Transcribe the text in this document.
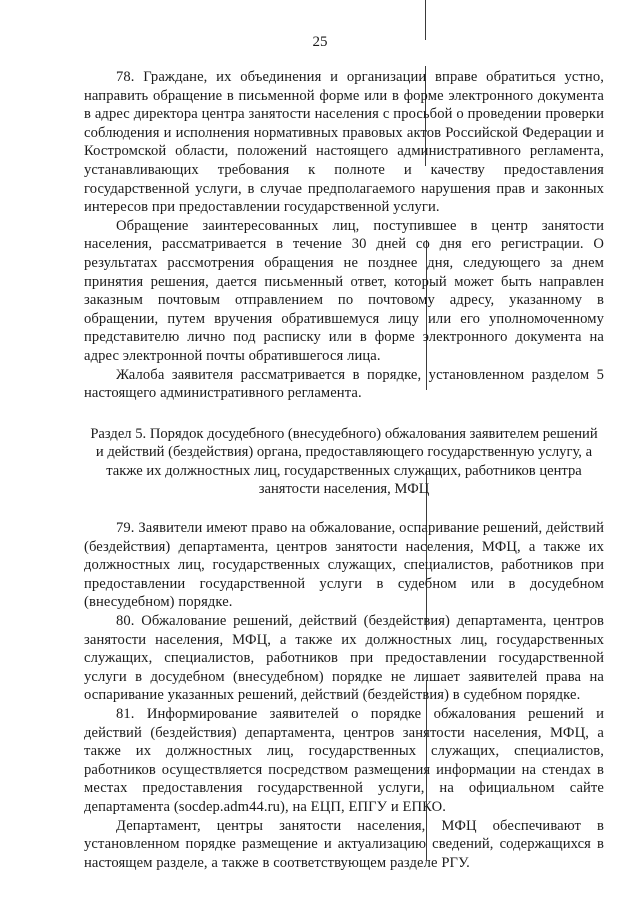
25

78. Граждане, их объединения и организации вправе обратиться устно, направить обращение в письменной форме или в форме электронного документа в адрес директора центра занятости населения с просьбой о проведении проверки соблюдения и исполнения нормативных правовых актов Российской Федерации и Костромской области, положений настоящего административного регламента, устанавливающих требования к полноте и качеству предоставления государственной услуги, в случае предполагаемого нарушения прав и законных интересов при предоставлении государственной услуги.

Обращение заинтересованных лиц, поступившее в центр занятости населения, рассматривается в течение 30 дней со дня его регистрации. О результатах рассмотрения обращения не позднее дня, следующего за днем принятия решения, дается письменный ответ, который может быть направлен заказным почтовым отправлением по почтовому адресу, указанному в обращении, путем вручения обратившемуся лицу или его уполномоченному представителю лично под расписку или в форме электронного документа на адрес электронной почты обратившегося лица.

Жалоба заявителя рассматривается в порядке, установленном разделом 5 настоящего административного регламента.

Раздел 5. Порядок досудебного (внесудебного) обжалования заявителем решений и действий (бездействия) органа, предоставляющего государственную услугу, а также их должностных лиц, государственных служащих, работников центра занятости населения, МФЦ

79. Заявители имеют право на обжалование, оспаривание решений, действий (бездействия) департамента, центров занятости населения, МФЦ, а также их должностных лиц, государственных служащих, специалистов, работников при предоставлении государственной услуги в судебном или в досудебном (внесудебном) порядке.

80. Обжалование решений, действий (бездействия) департамента, центров занятости населения, МФЦ, а также их должностных лиц, государственных служащих, специалистов, работников при предоставлении государственной услуги в досудебном (внесудебном) порядке не лишает заявителей права на оспаривание указанных решений, действий (бездействия) в судебном порядке.

81. Информирование заявителей о порядке обжалования решений и действий (бездействия) департамента, центров занятости населения, МФЦ, а также их должностных лиц, государственных служащих, специалистов, работников осуществляется посредством размещения информации на стендах в местах предоставления государственной услуги, на официальном сайте департамента (socdep.adm44.ru), на ЕЦП, ЕПГУ и ЕПКО.

Департамент, центры занятости населения, МФЦ обеспечивают в установленном порядке размещение и актуализацию сведений, содержащихся в настоящем разделе, а также в соответствующем разделе РГУ.
